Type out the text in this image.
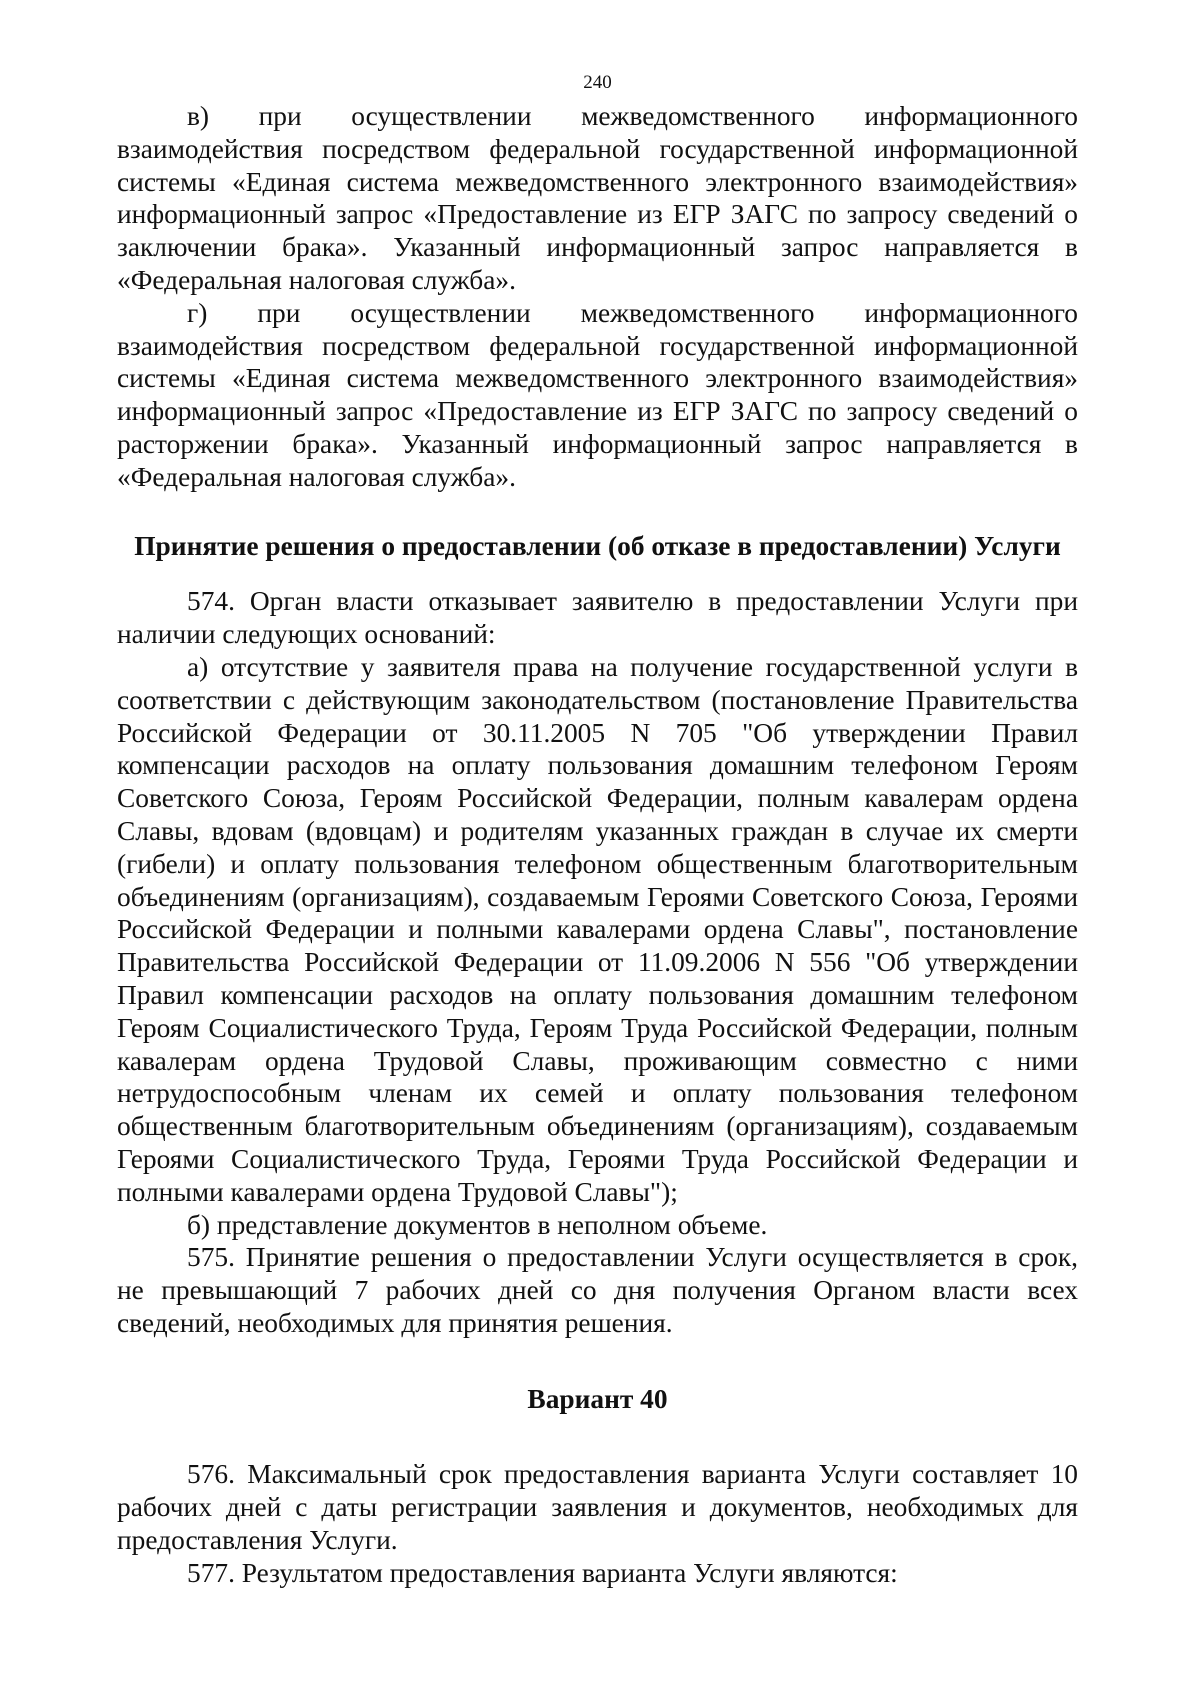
240

в) при осуществлении межведомственного информационного взаимодействия посредством федеральной государственной информационной системы «Единая система межведомственного электронного взаимодействия» информационный запрос «Предоставление из ЕГР ЗАГС по запросу сведений о заключении брака». Указанный информационный запрос направляется в «Федеральная налоговая служба».

г) при осуществлении межведомственного информационного взаимодействия посредством федеральной государственной информационной системы «Единая система межведомственного электронного взаимодействия» информационный запрос «Предоставление из ЕГР ЗАГС по запросу сведений о расторжении брака». Указанный информационный запрос направляется в «Федеральная налоговая служба».

Принятие решения о предоставлении (об отказе в предоставлении) Услуги

574. Орган власти отказывает заявителю в предоставлении Услуги при наличии следующих оснований:

а) отсутствие у заявителя права на получение государственной услуги в соответствии с действующим законодательством (постановление Правительства Российской Федерации от 30.11.2005 N 705 "Об утверждении Правил компенсации расходов на оплату пользования домашним телефоном Героям Советского Союза, Героям Российской Федерации, полным кавалерам ордена Славы, вдовам (вдовцам) и родителям указанных граждан в случае их смерти (гибели) и оплату пользования телефоном общественным благотворительным объединениям (организациям), создаваемым Героями Советского Союза, Героями Российской Федерации и полными кавалерами ордена Славы", постановление Правительства Российской Федерации от 11.09.2006 N 556 "Об утверждении Правил компенсации расходов на оплату пользования домашним телефоном Героям Социалистического Труда, Героям Труда Российской Федерации, полным кавалерам ордена Трудовой Славы, проживающим совместно с ними нетрудоспособным членам их семей и оплату пользования телефоном общественным благотворительным объединениям (организациям), создаваемым Героями Социалистического Труда, Героями Труда Российской Федерации и полными кавалерами ордена Трудовой Славы");

б) представление документов в неполном объеме.

575. Принятие решения о предоставлении Услуги осуществляется в срок, не превышающий 7 рабочих дней со дня получения Органом власти всех сведений, необходимых для принятия решения.

Вариант 40

576. Максимальный срок предоставления варианта Услуги составляет 10 рабочих дней с даты регистрации заявления и документов, необходимых для предоставления Услуги.

577. Результатом предоставления варианта Услуги являются:
